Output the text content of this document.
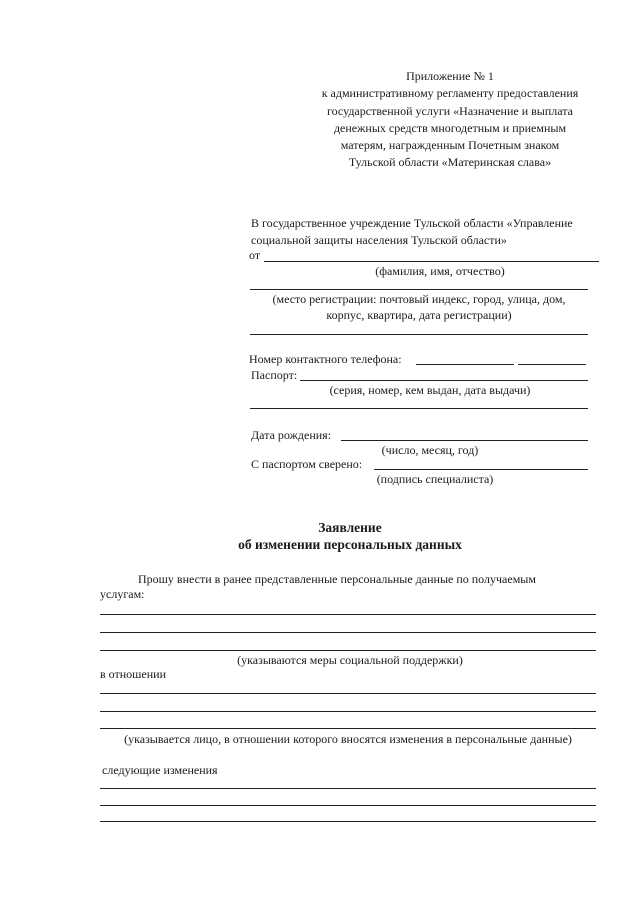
Приложение № 1
к административному регламенту предоставления
государственной услуги «Назначение и выплата
денежных средств многодетным и приемным
матерям, награжденным Почетным знаком
Тульской области «Материнская слава»
В государственное учреждение Тульской области «Управление
социальной защиты населения Тульской области»
от
(фамилия, имя, отчество)
(место регистрации: почтовый индекс, город, улица, дом,
корпус, квартира, дата регистрации)
Номер контактного телефона:
Паспорт:
(серия, номер, кем выдан, дата выдачи)
Дата рождения:
(число, месяц, год)
С паспортом сверено:
(подпись специалиста)
Заявление
об изменении персональных данных
Прошу внести в ранее представленные персональные данные по получаемым
услугам:
(указываются меры социальной поддержки)
в отношении
(указывается лицо, в отношении которого вносятся изменения в персональные данные)
следующие изменения
